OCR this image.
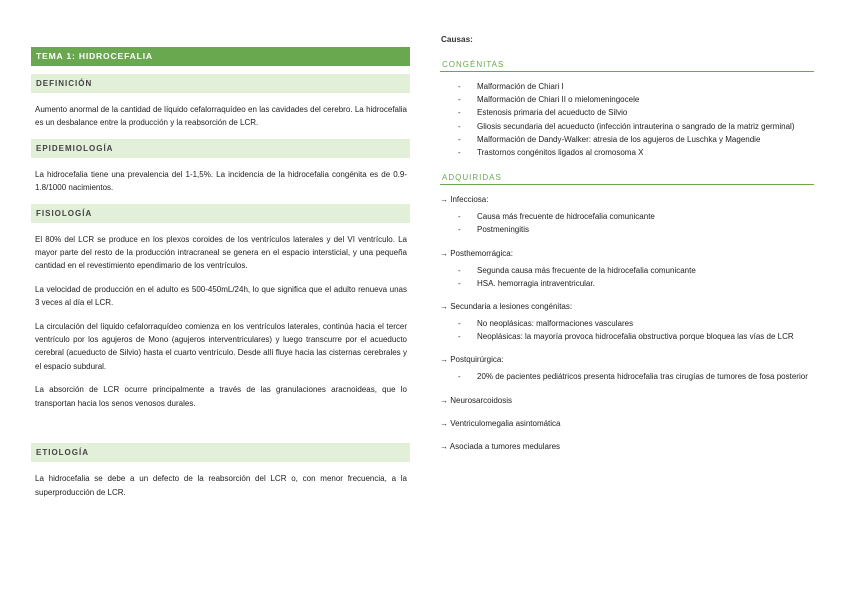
TEMA 1: HIDROCEFALIA
DEFINICIÓN

Aumento anormal de la cantidad de líquido cefalorraquídeo en las cavidades del cerebro. La hidrocefalia es un desbalance entre la producción y la reabsorción de LCR.

EPIDEMIOLOGÍA

La hidrocefalia tiene una prevalencia del 1-1,5%. La incidencia de la hidrocefalia congénita es de 0.9-1.8/1000 nacimientos.

FISIOLOGÍA

El 80% del LCR se produce en los plexos coroides de los ventrículos laterales y del VI ventrículo. La mayor parte del resto de la producción intracraneal se genera en el espacio intersticial, y una pequeña cantidad en el revestimiento ependimario de los ventrículos.

La velocidad de producción en el adulto es 500-450mL/24h, lo que significa que el adulto renueva unas 3 veces al día el LCR.

La circulación del líquido cefalorraquídeo comienza en los ventrículos laterales, continúa hacia el tercer ventrículo por los agujeros de Mono (agujeros interventriculares) y luego transcurre por el acueducto cerebral (acueducto de Silvio) hasta el cuarto ventrículo. Desde allí fluye hacia las cisternas cerebrales y el espacio subdural.

La absorción de LCR ocurre principalmente a través de las granulaciones aracnoideas, que lo transportan hacia los senos venosos durales.

ETIOLOGÍA

La hidrocefalia se debe a un defecto de la reabsorción del LCR o, con menor frecuencia, a la superproducción de LCR.

Causas:
CONGÉNITAS
- Malformación de Chiari I
- Malformación de Chiari II o mielomeningocele
- Estenosis primaria del acueducto de Silvio
- Gliosis secundaria del acueducto (infección intrauterina o sangrado de la matriz germinal)
- Malformación de Dandy-Walker: atresia de los agujeros de Luschka y Magendie
- Trastornos congénitos ligados al cromosoma X
ADQUIRIDAS
→ Infecciosa:
- Causa más frecuente de hidrocefalia comunicante
- Postmeningitis
→ Posthemorrágica:
- Segunda causa más frecuente de la hidrocefalia comunicante
- HSA. hemorragia intraventricular.
→ Secundaria a lesiones congénitas:
- No neoplásicas: malformaciones vasculares
- Neoplásicas: la mayoría provoca hidrocefalia obstructiva porque bloquea las vías de LCR
→ Postquirúrgica:
- 20% de pacientes pediátricos presenta hidrocefalia tras cirugías de tumores de fosa posterior
→ Neurosarcoidosis
→ Ventriculomegalia asintomática
→ Asociada a tumores medulares
